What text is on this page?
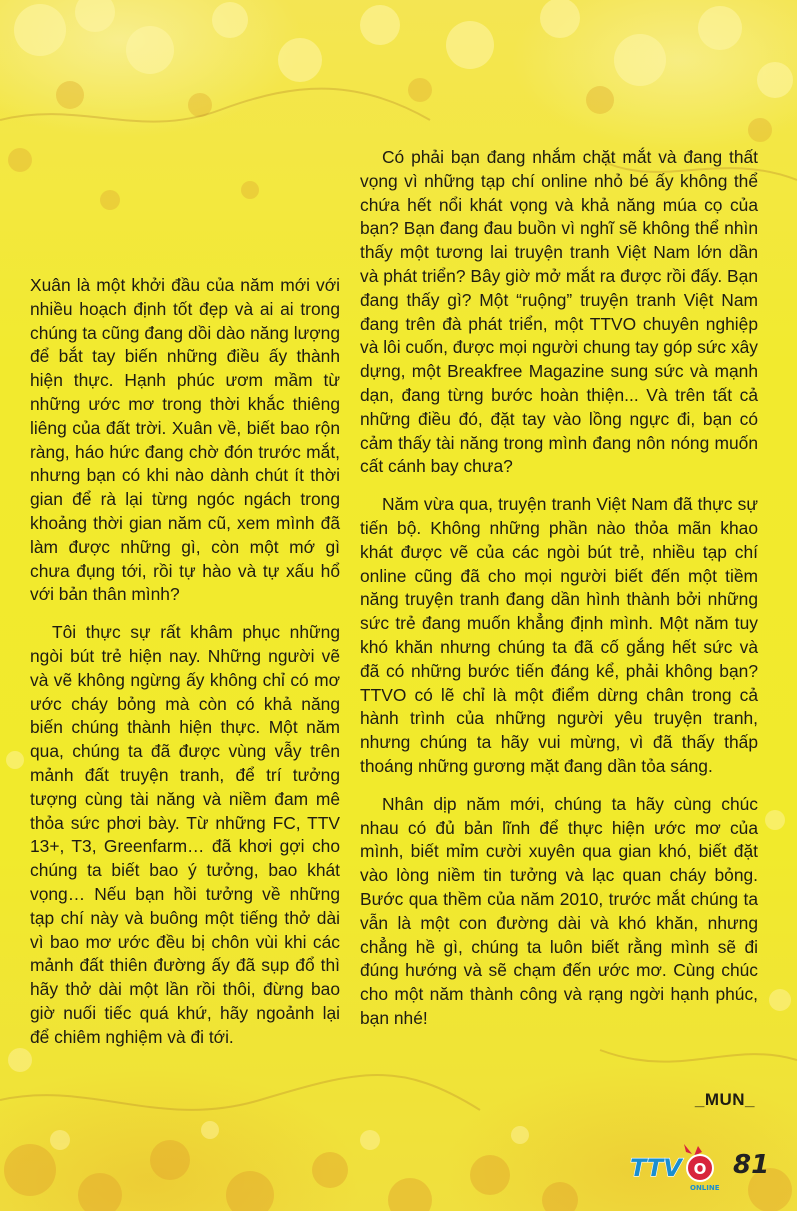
Xuân là một khởi đầu của năm mới với nhiều hoạch định tốt đẹp và ai ai trong chúng ta cũng đang dồi dào năng lượng để bắt tay biến những điều ấy thành hiện thực. Hạnh phúc ươm mầm từ những ước mơ trong thời khắc thiêng liêng của đất trời. Xuân về, biết bao rộn ràng, háo hức đang chờ đón trước mắt, nhưng bạn có khi nào dành chút ít thời gian để rà lại từng ngóc ngách trong khoảng thời gian năm cũ, xem mình đã làm được những gì, còn một mớ gì chưa đụng tới, rồi tự hào và tự xấu hổ với bản thân mình?

Tôi thực sự rất khâm phục những ngòi bút trẻ hiện nay. Những người vẽ và vẽ không ngừng ấy không chỉ có mơ ước cháy bỏng mà còn có khả năng biến chúng thành hiện thực. Một năm qua, chúng ta đã được vùng vẫy trên mảnh đất truyện tranh, để trí tưởng tượng cùng tài năng và niềm đam mê thỏa sức phơi bày. Từ những FC, TTV 13+, T3, Greenfarm… đã khơi gợi cho chúng ta biết bao ý tưởng, bao khát vọng… Nếu bạn hồi tưởng về những tạp chí này và buông một tiếng thở dài vì bao mơ ước đều bị chôn vùi khi các mảnh đất thiên đường ấy đã sụp đổ thì hãy thở dài một lần rồi thôi, đừng bao giờ nuối tiếc quá khứ, hãy ngoảnh lại để chiêm nghiệm và đi tới.

Có phải bạn đang nhắm chặt mắt và đang thất vọng vì những tạp chí online nhỏ bé ấy không thể chứa hết nổi khát vọng và khả năng múa cọ của bạn? Bạn đang đau buồn vì nghĩ sẽ không thể nhìn thấy một tương lai truyện tranh Việt Nam lớn dần và phát triển? Bây giờ mở mắt ra được rồi đấy. Bạn đang thấy gì? Một “ruộng” truyện tranh Việt Nam đang trên đà phát triển, một TTVO chuyên nghiệp và lôi cuốn, được mọi người chung tay góp sức xây dựng, một Breakfree Magazine sung sức và mạnh dạn, đang từng bước hoàn thiện... Và trên tất cả những điều đó, đặt tay vào lồng ngực đi, bạn có cảm thấy tài năng trong mình đang nôn nóng muốn cất cánh bay chưa?

Năm vừa qua, truyện tranh Việt Nam đã thực sự tiến bộ. Không những phần nào thỏa mãn khao khát được vẽ của các ngòi bút trẻ, nhiều tạp chí online cũng đã cho mọi người biết đến một tiềm năng truyện tranh đang dần hình thành bởi những sức trẻ đang muốn khẳng định mình. Một năm tuy khó khăn nhưng chúng ta đã cố gắng hết sức và đã có những bước tiến đáng kể, phải không bạn? TTVO có lẽ chỉ là một điểm dừng chân trong cả hành trình của những người yêu truyện tranh, nhưng chúng ta hãy vui mừng, vì đã thấy thấp thoáng những gương mặt đang dần tỏa sáng.

Nhân dịp năm mới, chúng ta hãy cùng chúc nhau có đủ bản lĩnh để thực hiện ước mơ của mình, biết mỉm cười xuyên qua gian khó, biết đặt vào lòng niềm tin tưởng và lạc quan cháy bỏng. Bước qua thềm của năm 2010, trước mắt chúng ta vẫn là một con đường dài và khó khăn, nhưng chẳng hề gì, chúng ta luôn biết rằng mình sẽ đi đúng hướng và sẽ chạm đến ước mơ. Cùng chúc cho một năm thành công và rạng ngời hạnh phúc, bạn nhé!

_MUN_
TTV O
ONLINE
81
